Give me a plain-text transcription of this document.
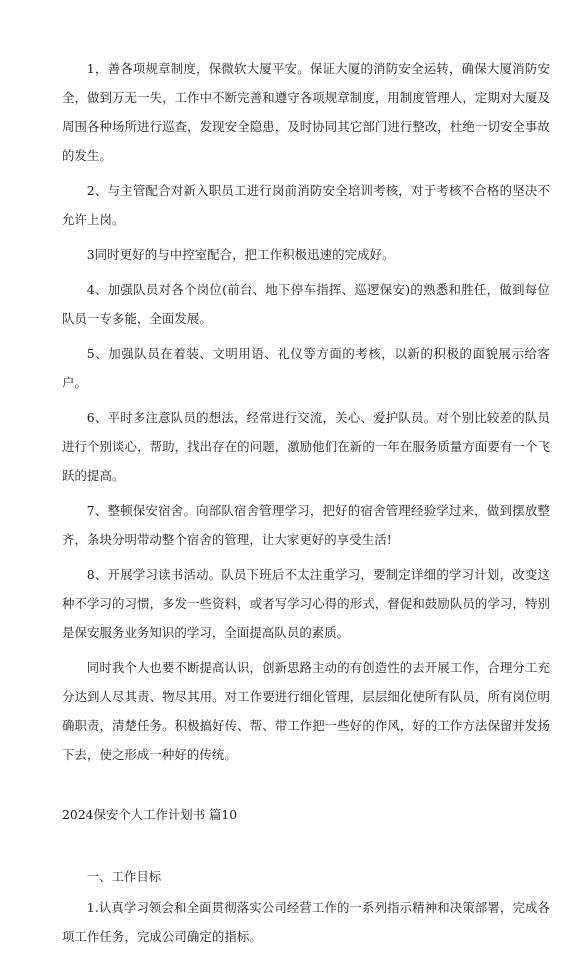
1，善各项规章制度，保微软大厦平安。保证大厦的消防安全运转，确保大厦消防安全，做到万无一失，工作中不断完善和遵守各项规章制度，用制度管理人，定期对大厦及周围各种场所进行巡查，发现安全隐患，及时协同其它部门进行整改，杜绝一切安全事故的发生。

2、与主管配合对新入职员工进行岗前消防安全培训考核，对于考核不合格的坚决不允许上岗。

3同时更好的与中控室配合，把工作积极迅速的完成好。

4、加强队员对各个岗位(前台、地下停车指挥、巡逻保安)的熟悉和胜任，做到每位队员一专多能，全面发展。

5、加强队员在着装、文明用语、礼仪等方面的考核，以新的积极的面貌展示给客户。

6、平时多注意队员的想法，经常进行交流，关心、爱护队员。对个别比较差的队员进行个别谈心，帮助，找出存在的问题，激励他们在新的一年在服务质量方面要有一个飞跃的提高。

7、整顿保安宿舍。向部队宿舍管理学习，把好的宿舍管理经验学过来，做到摆放整齐，条块分明带动整个宿舍的管理，让大家更好的享受生活!

8、开展学习读书活动。队员下班后不太注重学习，要制定详细的学习计划，改变这种不学习的习惯，多发一些资料，或者写学习心得的形式，督促和鼓励队员的学习，特别是保安服务业务知识的学习，全面提高队员的素质。

同时我个人也要不断提高认识，创新思路主动的有创造性的去开展工作，合理分工充分达到人尽其责、物尽其用。对工作要进行细化管理，层层细化使所有队员，所有岗位明确职责，清楚任务。积极搞好传、帮、带工作把一些好的作风，好的工作方法保留并发扬下去，使之形成一种好的传统。

2024保安个人工作计划书 篇10
一、工作目标

1.认真学习领会和全面贯彻落实公司经营工作的一系列指示精神和决策部署，完成各项工作任务，完成公司确定的指标。
